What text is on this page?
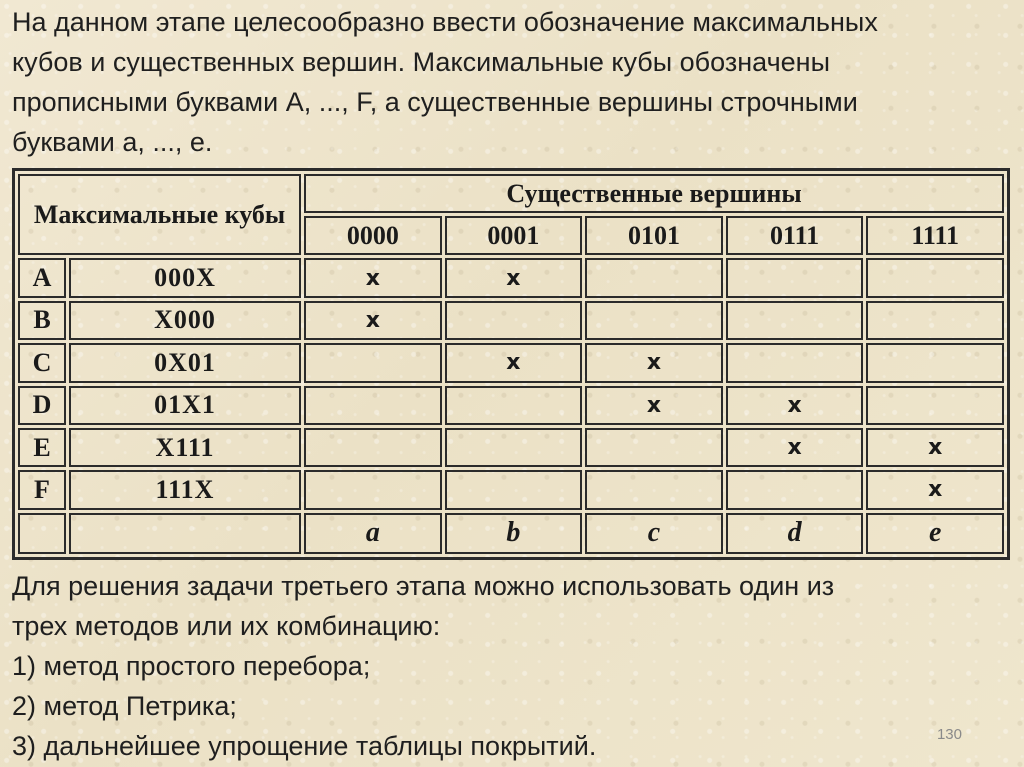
На данном этапе целесообразно ввести обозначение максимальных

кубов и существенных вершин. Максимальные кубы обозначены

прописными буквами A, ..., F, а существенные вершины строчными

буквами a, ..., e.

Максимальные кубы		Существенные вершины				
		0000	0001	0101	0111	1111
A	000X	x	x			
B	X000	x				
C	0X01		x	x		
D	01X1			x	x	
E	X111				x	x
F	111X					x
		a	b	c	d	e

Для решения задачи третьего этапа можно использовать один из

трех методов или их комбинацию:

1) метод простого перебора;

2) метод Петрика;

3) дальнейшее упрощение таблицы покрытий.	130
